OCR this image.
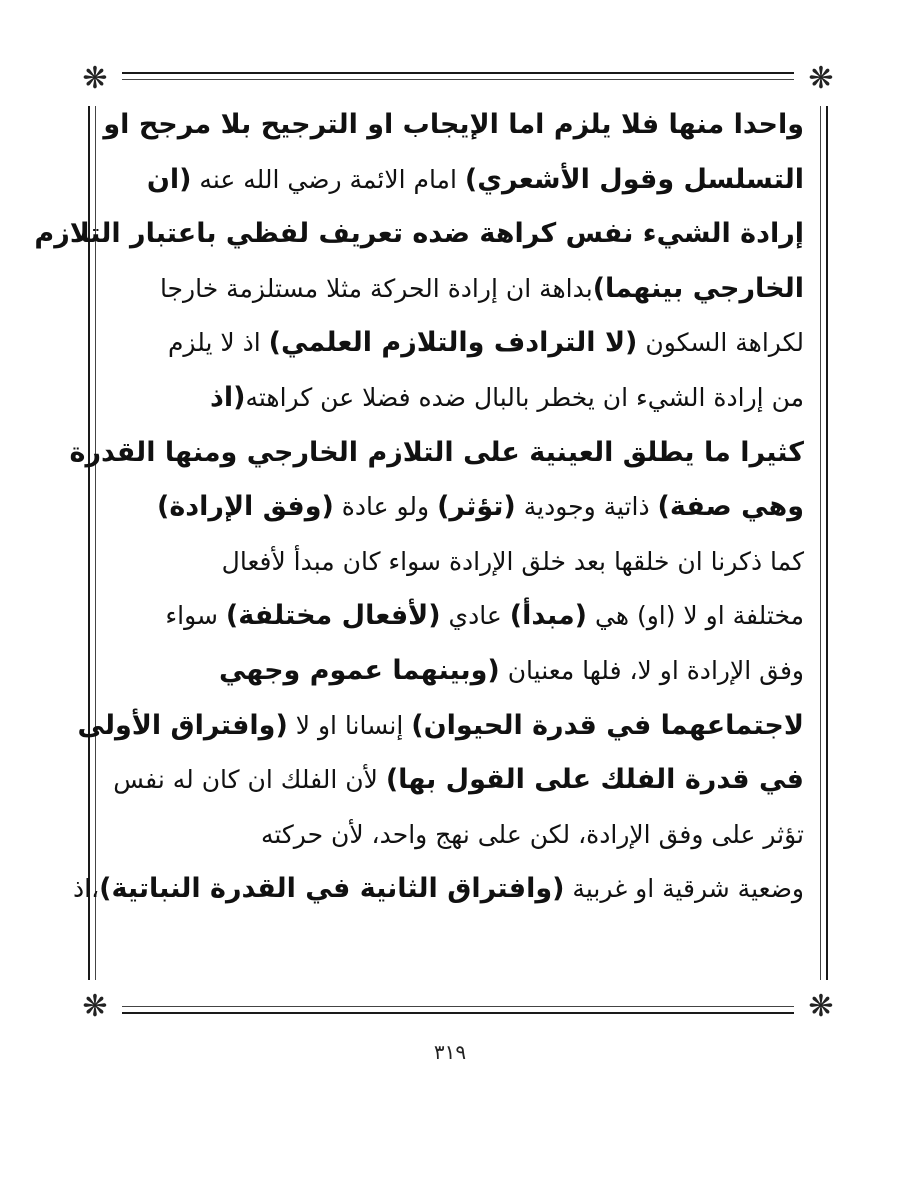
❋	❋
❋	❋
واحدا منها فلا يلزم اما الإيجاب او الترجيح بلا مرجح او
التسلسل وقول الأشعري) امام الائمة رضي الله عنه (ان
إرادة الشيء نفس كراهة ضده تعريف لفظي باعتبار التلازم
الخارجي بينهما)بداهة ان إرادة الحركة مثلا مستلزمة خارجا
لكراهة السكون (لا الترادف والتلازم العلمي) اذ لا يلزم
من إرادة الشيء ان يخطر بالبال ضده فضلا عن كراهته(اذ
كثيرا ما يطلق العينية على التلازم الخارجي ومنها القدرة
وهي صفة) ذاتية وجودية (تؤثر) ولو عادة (وفق الإرادة)
كما ذكرنا ان خلقها بعد خلق الإرادة سواء كان مبدأ لأفعال
مختلفة او لا (او) هي (مبدأ) عادي (لأفعال مختلفة) سواء
وفق الإرادة او لا، فلها معنيان (وبينهما عموم وجهي
لاجتماعهما في قدرة الحيوان) إنسانا او لا (وافتراق الأولى
في قدرة الفلك على القول بها) لأن الفلك ان كان له نفس
تؤثر على وفق الإرادة، لكن على نهج واحد، لأن حركته
وضعية شرقية او غربية (وافتراق الثانية في القدرة النباتية)،اذ
٣١٩
